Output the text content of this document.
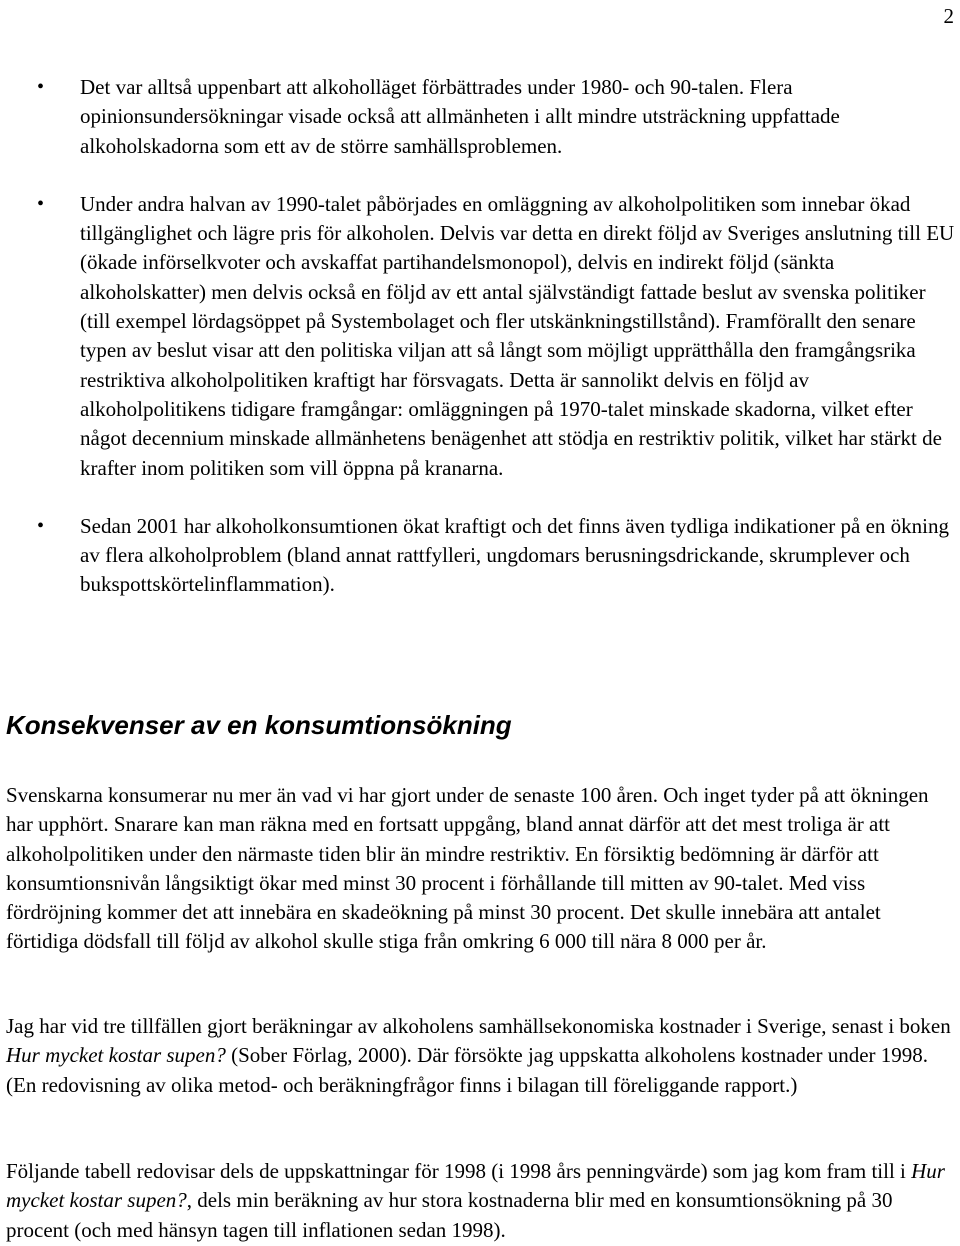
2
• Det var alltså uppenbart att alkoholläget förbättrades under 1980- och 90-talen. Flera opinionsundersökningar visade också att allmänheten i allt mindre utsträckning uppfattade alkoholskadorna som ett av de större samhällsproblemen.
• Under andra halvan av 1990-talet påbörjades en omläggning av alkoholpolitiken som innebar ökad tillgänglighet och lägre pris för alkoholen. Delvis var detta en direkt följd av Sveriges anslutning till EU (ökade införselkvoter och avskaffat partihandelsmonopol), delvis en indirekt följd (sänkta alkoholskatter) men delvis också en följd av ett antal självständigt fattade beslut av svenska politiker (till exempel lördagsöppet på Systembolaget och fler utskänkningstillstånd). Framförallt den senare typen av beslut visar att den politiska viljan att så långt som möjligt upprätthålla den framgångsrika restriktiva alkoholpolitiken kraftigt har försvagats. Detta är sannolikt delvis en följd av alkoholpolitikens tidigare framgångar: omläggningen på 1970-talet minskade skadorna, vilket efter något decennium minskade allmänhetens benägenhet att stödja en restriktiv politik, vilket har stärkt de krafter inom politiken som vill öppna på kranarna.
• Sedan 2001 har alkoholkonsumtionen ökat kraftigt och det finns även tydliga indikationer på en ökning av flera alkoholproblem (bland annat rattfylleri, ungdomars berusningsdrickande, skrumplever och bukspottskörtelinflammation).
Konsekvenser av en konsumtionsökning

Svenskarna konsumerar nu mer än vad vi har gjort under de senaste 100 åren. Och inget tyder på att ökningen har upphört. Snarare kan man räkna med en fortsatt uppgång, bland annat därför att det mest troliga är att alkoholpolitiken under den närmaste tiden blir än mindre restriktiv. En försiktig bedömning är därför att konsumtionsnivån långsiktigt ökar med minst 30 procent i förhållande till mitten av 90-talet. Med viss fördröjning kommer det att innebära en skadeökning på minst 30 procent. Det skulle innebära att antalet förtidiga dödsfall till följd av alkohol skulle stiga från omkring 6 000 till nära 8 000 per år.

Jag har vid tre tillfällen gjort beräkningar av alkoholens samhällsekonomiska kostnader i Sverige, senast i boken Hur mycket kostar supen? (Sober Förlag, 2000). Där försökte jag uppskatta alkoholens kostnader under 1998. (En redovisning av olika metod- och beräkningfrågor finns i bilagan till föreliggande rapport.)

Följande tabell redovisar dels de uppskattningar för 1998 (i 1998 års penningvärde) som jag kom fram till i Hur mycket kostar supen?, dels min beräkning av hur stora kostnaderna blir med en konsumtionsökning på 30 procent (och med hänsyn tagen till inflationen sedan 1998).
